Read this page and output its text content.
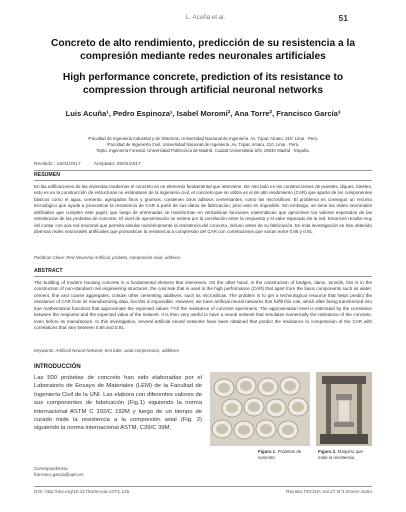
L. Acuña et al.	51
Concreto de alto rendimiento, predicción de su resistencia a la compresión mediante redes neuronales artificiales
High performance concrete, prediction of its resistance to compression through artificial neuronal networks
Luis Acuña¹, Pedro Espinoza¹, Isabel Moromi², Ana Torre², Francisco García³
¹Facultad de Ingeniería Industrial y de Sistemas, Universidad Nacional de Ingeniería. Av. Túpac Amaru, 210. Lima · Perú.
²Facultad de Ingeniería Civil, Universidad Nacional de Ingeniería. Av. Túpac Amaru, 210. Lima · Perú.
³Dpto. Ingeniería Forestal. Universidad Politécnica de Madrid, Ciudad Universitaria S/N, 28040 Madrid · España.
Recibido : 15/01/2017	Aceptado: 25/04/2017
RESUMEN
En las edificaciones de las viviendas modernas el concreto es un elemento fundamental que interviene. De otro lado en las construcciones de puentes, diques, túneles, esto es en la construcción de estructuras no estándares de la ingeniería civil, el concreto que se utiliza es el de alto rendimiento (CAR) que aparte de los componentes básicos como el agua, cemento, agregados finos y gruesos, contienen otros aditivos cementantes, como las microsílices. El problema es conseguir un recurso tecnológico que ayude a pronosticar la resistencia de CAR a partir de sus datos de fabricación, pero esto es imposible. Sin embargo, se tiene las redes neuronales artificiales que cumplen este papel, que luego de entrenadas se transforman en verdaderas funciones matemáticas que aproximen los valores esperados de las resistencias de las probetas de concreto. El nivel de aproximación se estima por la correlación entre la respuesta y el valor esperado de la red. Entonces resulta muy útil contar con una red neuronal que permita simular numéricamente la resistencia del concreto, incluso antes de su fabricación. En esta investigación se han obtenido diversas redes neuronales artificiales que pronostican la resistencia a compresión del CAR con correlaciones que varían entre 0.86 y 0.91.
Palabras Clave: Red Neuronal Artificial, probeta, compresión axial, aditivos.
ABSTRACT
The building of modern housing concrete is a fundamental element that intervenes. On the other hand, in the construction of bridges, dams, tunnels, this is in the construction of non-standard civil engineering structures, the concrete that is used is the high performance (CAR) that apart from the basic components such as water, cement, fine and coarse aggregates, contain other cementing additives, such as microsilicas. The problem is to get a technological resource that helps predict the resistance of CAR from its manufacturing data, but this is impossible. However, we have artificial neural networks that fulfill this role, which after being transformed into true mathematical functions that approximate the expected values ??of the resistance of concrete specimens. The approximation level is estimated by the correlation between the response and the expected value of the network. It is then very useful to have a neural network that simulates numerically the resistance of the concrete, even before its manufacture. In this investigation, several artificial neural networks have been obtained that predict the resistance to compression of the CAR with correlations that vary between 0.86 and 0.91.
Keywords: Artificial Neural Network, test tube, axial compression, additives
INTRODUCCIÓN
Las 500 probetas de concreto han sido elaboradas por el Laboratorio de Ensayo de Materiales (LEM) de la Facultad de Ingeniería Civil de la UNI. Las elabora con diferentes valores de sus componentes de fabricación (Fig.1) siguiendo la norma internacional ASTM C 192/C 192M y luego de un tiempo de curado mide la resistencia a la compresión axial (Fig. 2) siguiendo la norma internacional ASTM, C39/C 39M.
Correspondencia:
francisco.garcia@upm.es
Figura 1. Probetas de concreto
Figura 2. Máquina que mide la resistencia
DOI: http://doi.org/10.21754/tecnia.v27i1.125	Revista TECNIA Vol.27 N°1 Enero-Junio
